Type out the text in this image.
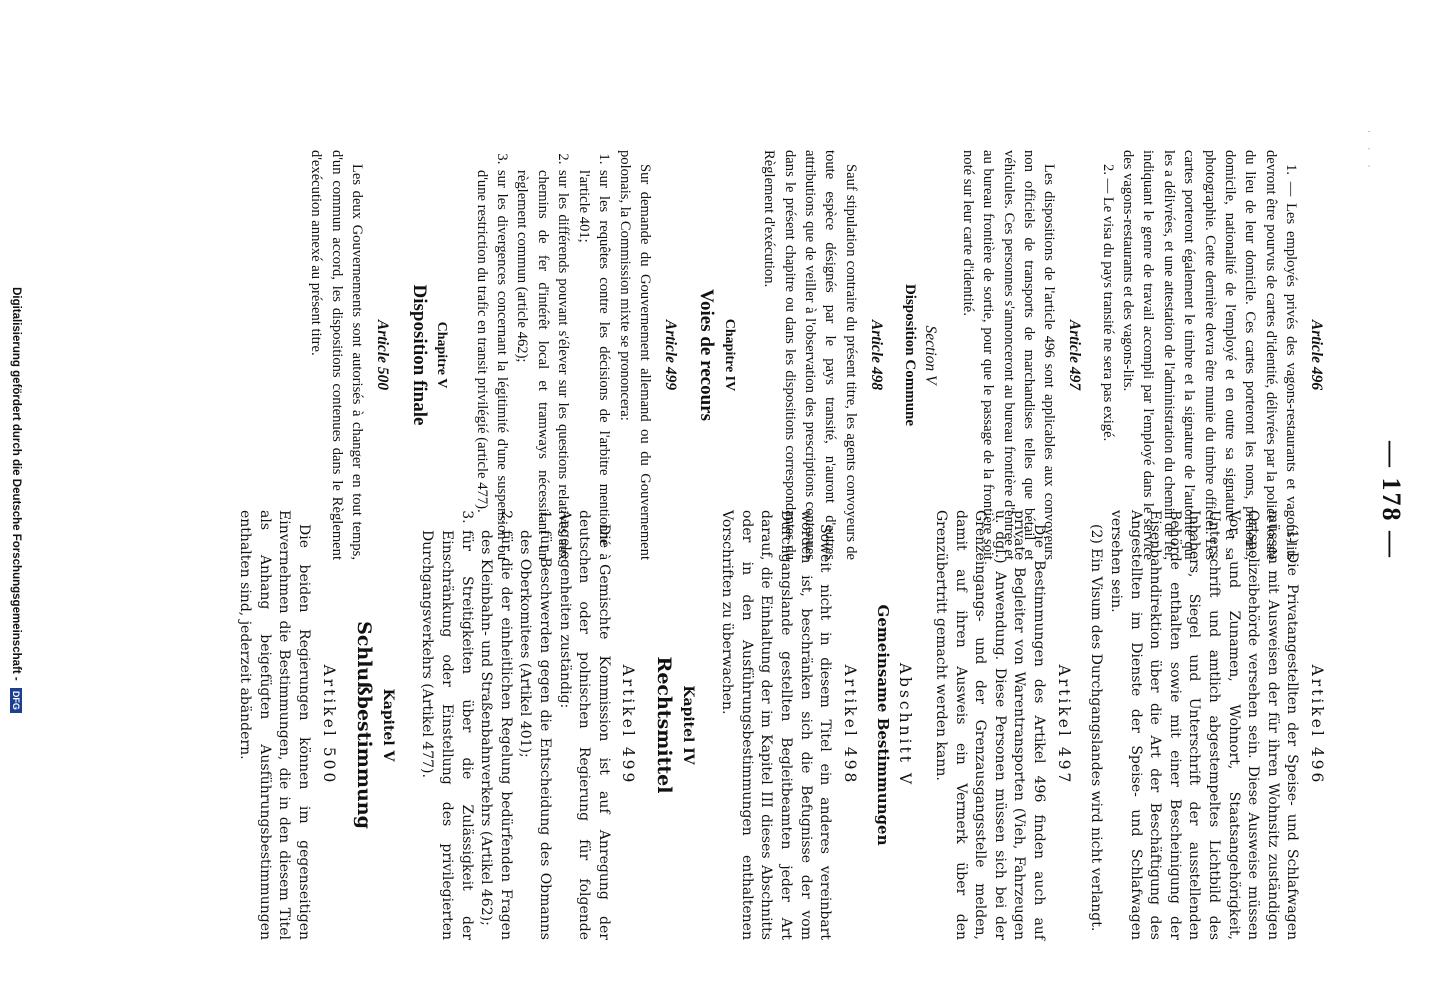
— 178 —
· · ·
Article 496

1. — Les employés privés des vagons-restaurants et vagons-lits devront être pourvus de cartes d'identité, délivrées par la police locale du lieu de leur domicile. Ces cartes porteront les noms, prénoms, domicile, nationalité de l'employé et en outre sa signature et sa photographie. Cette dernière devra être munie du timbre officiel. Les cartes porteront également le timbre et la signature de l'autorité qui les a délivrées, et une attestation de l'administration du chemin de fer, indiquant le genre de travail accompli par l'employé dans le service des vagons-restaurants et des vagons-lits.

2. — Le visa du pays transité ne sera pas exigé.

Article 497

Les dispositions de l'article 496 sont applicables aux convoyeurs non officiels de transports de marchandises telles que bétail et véhicules. Ces personnes s'annonceront au bureau frontière d'entrée et au bureau frontière de sortie, pour que le passage de la frontière soit noté sur leur carte d'identité.

Section V
Disposition Commune
Article 498

Sauf stipulation contraire du présent titre, les agents convoyeurs de toute espèce désignés par le pays transité, n'auront d'autres attributions que de veiller à l'observation des prescriptions contenues dans le présent chapitre ou dans les dispositions correspondantes du Règlement d'exécution.

Chapitre IV
Voies de recours
Article 499

Sur demande du Gouvernement allemand ou du Gouvernement polonais, la Commission mixte se prononcera:

1. sur les requêtes contre les décisions de l'arbitre mentionné à l'article 401;
2. sur les différends pouvant s'élever sur les questions relatives aux chemins de fer d'intérêt local et tramways nécessitant un règlement commun (article 462);
3. sur les divergences concernant la légitimité d'une suspension ou d'une restriction du trafic en transit privilégié (article 477).
Chapitre V
Disposition finale
Article 500

Les deux Gouvernements sont autorisés à changer en tout temps, d'un commun accord, les dispositions contenues dans le Règlement d'exécution annexé au présent titre.

Artikel 496

(1) Die Privatangestellten der Speise- und Schlafwagen müssen mit Ausweisen der für ihren Wohnsitz zuständigen Ortspolizeibehörde versehen sein. Diese Ausweise müssen Vor- und Zunamen, Wohnort, Staatsangehörigkeit, Unterschrift und amtlich abgestempeltes Lichtbild des Inhabers, Siegel und Unterschrift der ausstellenden Behörde enthalten sowie mit einer Bescheinigung der Eisenbahndirektion über die Art der Beschäftigung des Angestellten im Dienste der Speise- und Schlafwagen versehen sein.

(2) Ein Visum des Durchgangslandes wird nicht verlangt.

Artikel 497

Die Bestimmungen des Artikel 496 finden auch auf private Begleiter von Warentransporten (Vieh, Fahrzeugen u. dgl.) Anwendung. Diese Personen müssen sich bei der Grenzeingangs- und der Grenzausgangsstelle melden, damit auf ihren Ausweis ein Vermerk über den Grenzübertritt gemacht werden kann.

Abschnitt V
Gemeinsame Bestimmungen
Artikel 498

Soweit nicht in diesem Titel ein anderes vereinbart worden ist, beschränken sich die Befugnisse der vom Durchgangslande gestellten Begleitbeamten jeder Art darauf, die Einhaltung der im Kapitel III dieses Abschnitts oder in den Ausführungsbestimmungen enthaltenen Vorschriften zu überwachen.

Kapitel IV
Rechtsmittel
Artikel 499

Die Gemischte Kommission ist auf Anregung der deutschen oder polnischen Regierung für folgende Angelegenheiten zuständig:

1. für Beschwerden gegen die Entscheidung des Obmanns des Oberkomitees (Artikel 401);
2. für die der einheitlichen Regelung bedürfenden Fragen des Kleinbahn- und Straßenbahnverkehrs (Artikel 462);
3. für Streitigkeiten über die Zulässigkeit der Einschränkung oder Einstellung des privilegierten Durchgangsverkehrs (Artikel 477).
Kapitel V
Schlußbestimmung
Artikel 500

Die beiden Regierungen können im gegenseitigen Einvernehmen die Bestimmungen, die in den diesem Titel als Anhang beigefügten Ausführungsbestimmungen enthalten sind, jederzeit abändern.

Digitalisierung gefördert durch die Deutsche Forschungsgemeinschaft - DFG
